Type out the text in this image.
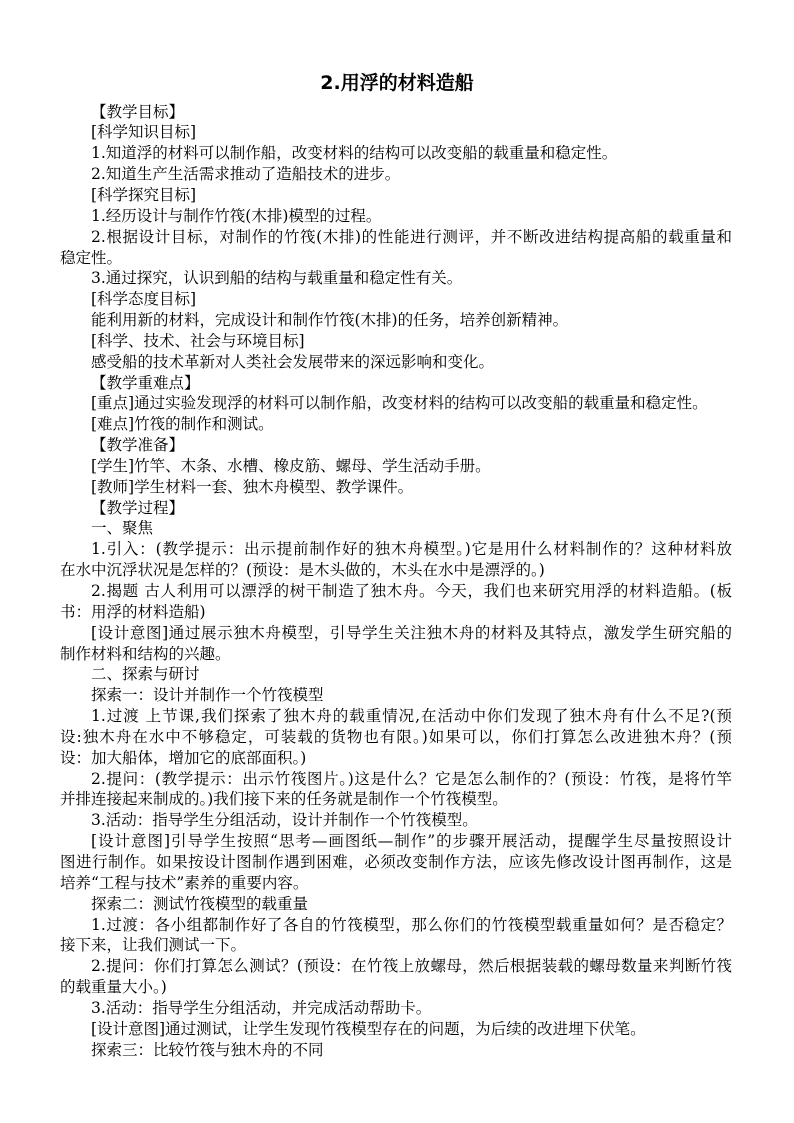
2.用浮的材料造船
【教学目标】
[科学知识目标]
1.知道浮的材料可以制作船，改变材料的结构可以改变船的载重量和稳定性。
2.知道生产生活需求推动了造船技术的进步。
[科学探究目标]
1.经历设计与制作竹筏(木排)模型的过程。
2.根据设计目标，对制作的竹筏(木排)的性能进行测评，并不断改进结构提高船的载重量和
稳定性。
3.通过探究，认识到船的结构与载重量和稳定性有关。
[科学态度目标]
能利用新的材料，完成设计和制作竹筏(木排)的任务，培养创新精神。
[科学、技术、社会与环境目标]
感受船的技术革新对人类社会发展带来的深远影响和变化。
【教学重难点】
[重点]通过实验发现浮的材料可以制作船，改变材料的结构可以改变船的载重量和稳定性。
[难点]竹筏的制作和测试。
【教学准备】
[学生]竹竿、木条、水槽、橡皮筋、螺母、学生活动手册。
[教师]学生材料一套、独木舟模型、教学课件。
【教学过程】
一、聚焦
1.引入：(教学提示：出示提前制作好的独木舟模型。)它是用什么材料制作的？这种材料放
在水中沉浮状况是怎样的？(预设：是木头做的，木头在水中是漂浮的。)
2.揭题 古人利用可以漂浮的树干制造了独木舟。今天，我们也来研究用浮的材料造船。(板
书：用浮的材料造船)
[设计意图]通过展示独木舟模型，引导学生关注独木舟的材料及其特点，激发学生研究船的
制作材料和结构的兴趣。
二、探索与研讨
探索一：设计并制作一个竹筏模型
1.过渡 上节课,我们探索了独木舟的载重情况,在活动中你们发现了独木舟有什么不足?(预
设:独木舟在水中不够稳定，可装载的货物也有限。)如果可以，你们打算怎么改进独木舟？(预
设：加大船体，增加它的底部面积。)
2.提问：(教学提示：出示竹筏图片。)这是什么？它是怎么制作的？(预设：竹筏，是将竹竿
并排连接起来制成的。)我们接下来的任务就是制作一个竹筏模型。
3.活动：指导学生分组活动，设计并制作一个竹筏模型。
[设计意图]引导学生按照“思考—画图纸—制作”的步骤开展活动，提醒学生尽量按照设计
图进行制作。如果按设计图制作遇到困难，必须改变制作方法，应该先修改设计图再制作，这是
培养“工程与技术”素养的重要内容。
探索二：测试竹筏模型的载重量
1.过渡：各小组都制作好了各自的竹筏模型，那么你们的竹筏模型载重量如何？是否稳定？
接下来，让我们测试一下。
2.提问：你们打算怎么测试？(预设：在竹筏上放螺母，然后根据装载的螺母数量来判断竹筏
的载重量大小。)
3.活动：指导学生分组活动，并完成活动帮助卡。
[设计意图]通过测试，让学生发现竹筏模型存在的问题，为后续的改进埋下伏笔。
探索三：比较竹筏与独木舟的不同
